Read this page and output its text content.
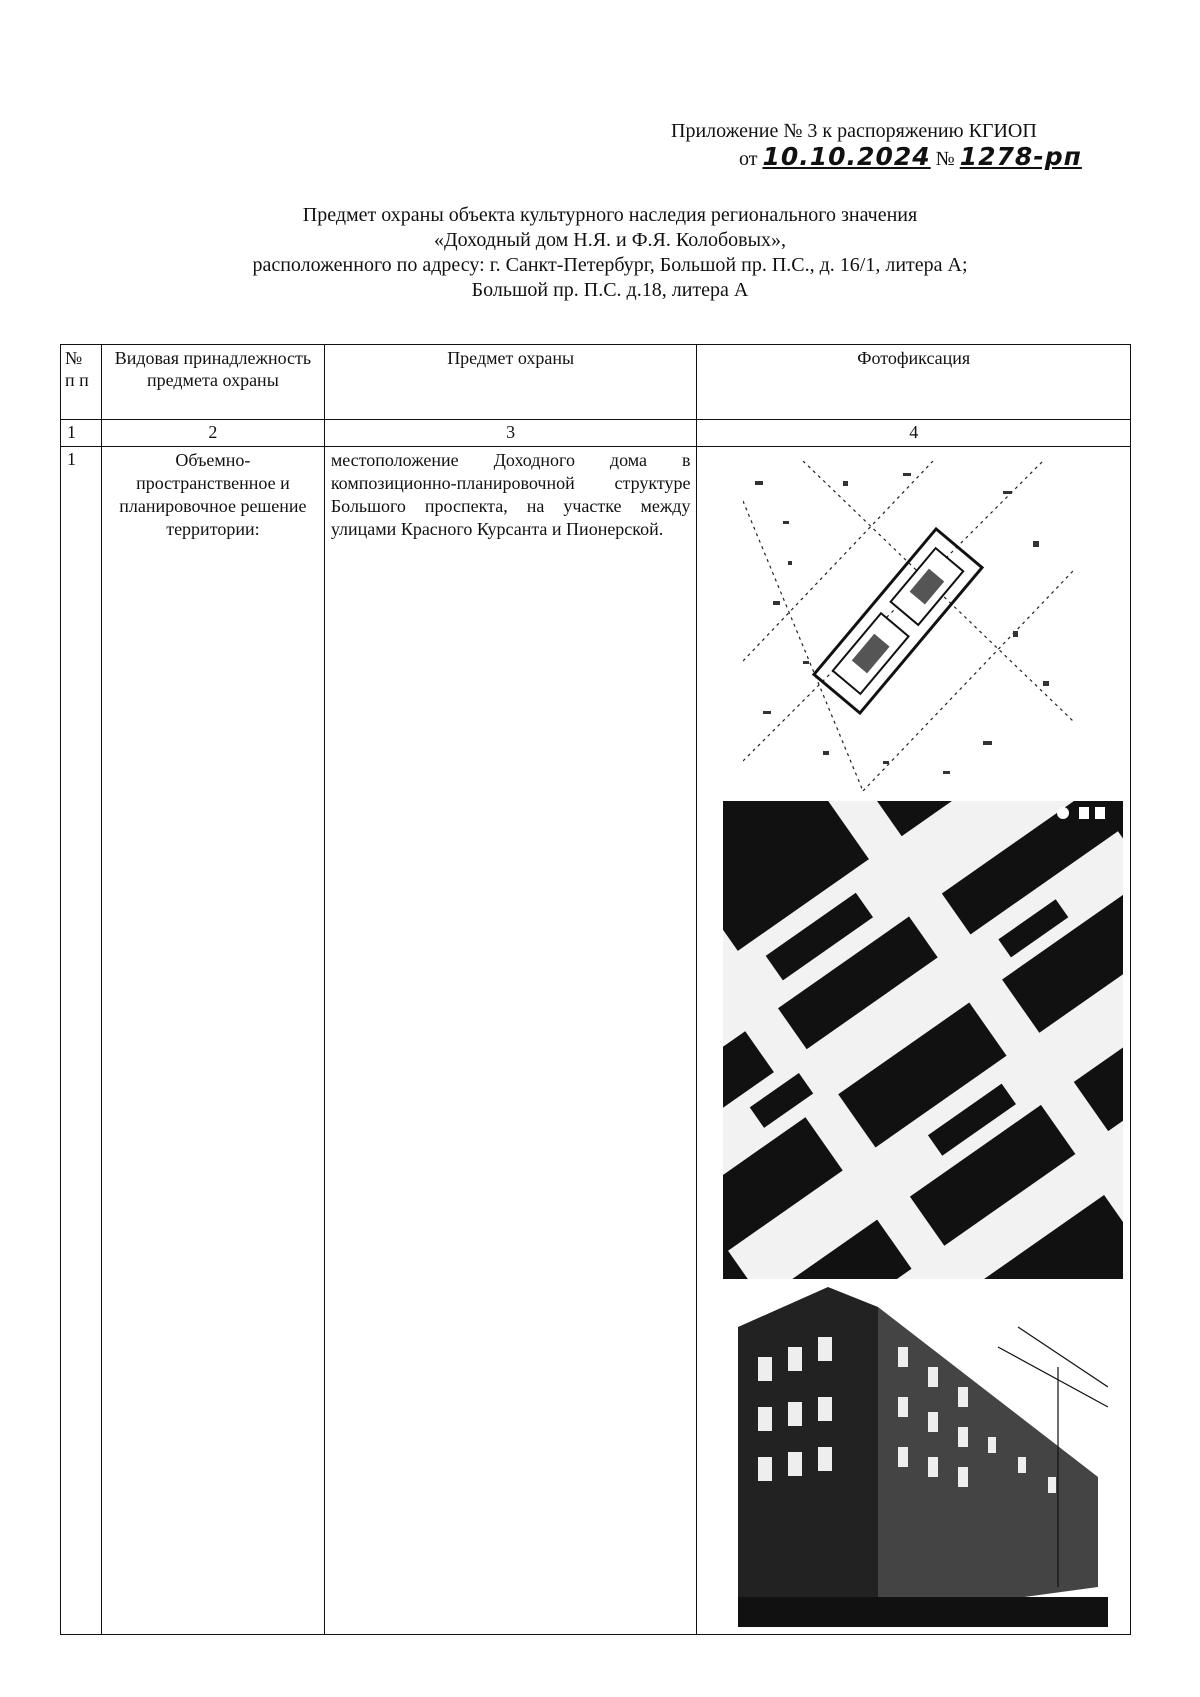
Приложение № 3 к распоряжению КГИОП
от 10.10.2024 № 1278-рп
Предмет охраны объекта культурного наследия регионального значения
«Доходный дом Н.Я. и Ф.Я. Колобовых»,
расположенного по адресу: г. Санкт-Петербург, Большой пр. П.С., д. 16/1, литера А;
Большой пр. П.С. д.18, литера А
№ п п	Видовая принадлежность предмета охраны	Предмет охраны	Фотофиксация
1	2	3	4
1	Объемно-пространственное и планировочное решение территории:	местоположение Доходного дома в композиционно-планировочной структуре Большого проспекта, на участке между улицами Красного Курсанта и Пионерской.	
